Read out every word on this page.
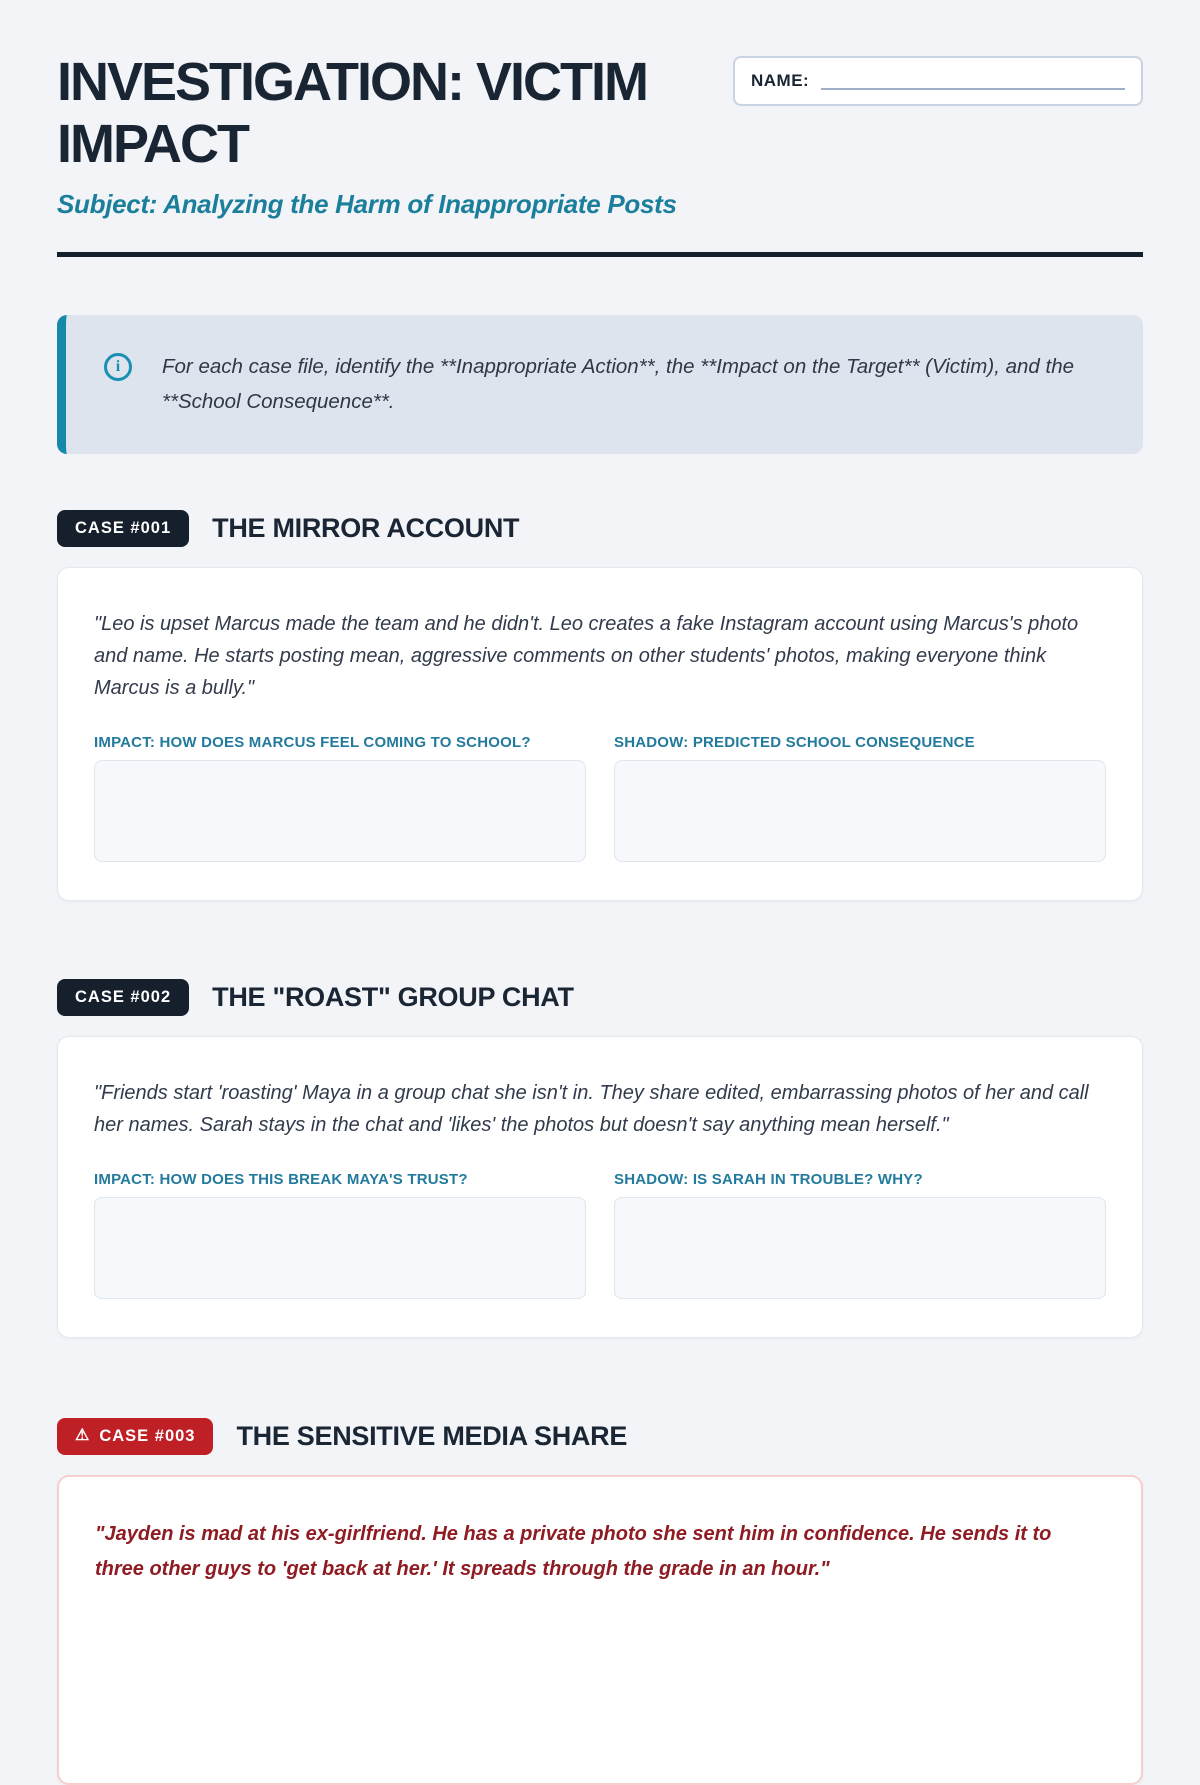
INVESTIGATION: VICTIM IMPACT
NAME:
Subject: Analyzing the Harm of Inappropriate Posts
i For each case file, identify the **Inappropriate Action**, the **Impact on the Target** (Victim), and the **School Consequence**.

CASE #001	THE MIRROR ACCOUNT

"Leo is upset Marcus made the team and he didn't. Leo creates a fake Instagram account using Marcus's photo and name. He starts posting mean, aggressive comments on other students' photos, making everyone think Marcus is a bully."

IMPACT: HOW DOES MARCUS FEEL COMING TO SCHOOL?	SHADOW: PREDICTED SCHOOL CONSEQUENCE
CASE #002	THE "ROAST" GROUP CHAT

"Friends start 'roasting' Maya in a group chat she isn't in. They share edited, embarrassing photos of her and call her names. Sarah stays in the chat and 'likes' the photos but doesn't say anything mean herself."

IMPACT: HOW DOES THIS BREAK MAYA'S TRUST?	SHADOW: IS SARAH IN TROUBLE? WHY?
⚠ CASE #003 THE SENSITIVE MEDIA SHARE

"Jayden is mad at his ex-girlfriend. He has a private photo she sent him in confidence. He sends it to three other guys to 'get back at her.' It spreads through the grade in an hour."
